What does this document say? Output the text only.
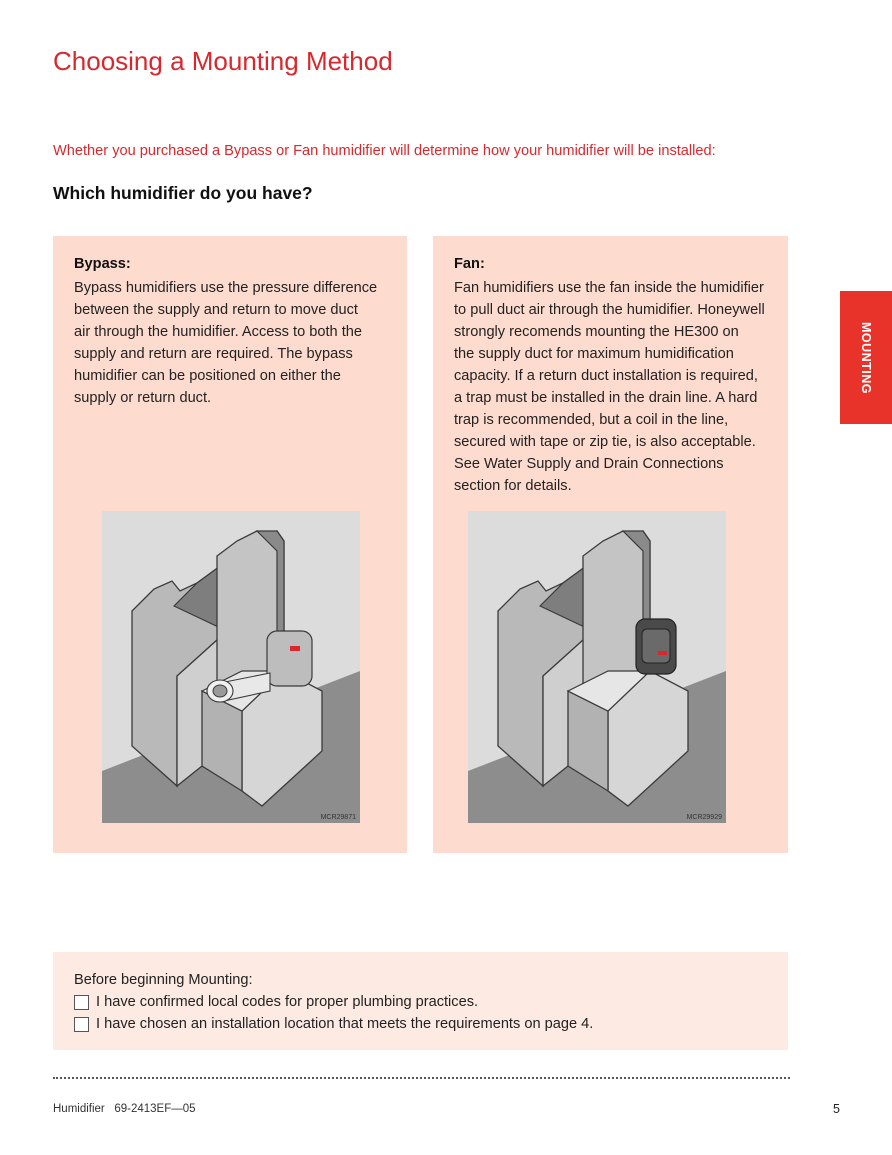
Choosing a Mounting Method

Whether you purchased a Bypass or Fan humidifier will determine how your humidifier will be installed:

Which humidifier do you have?
MOUNTING
Bypass:
Bypass humidifiers use the pressure difference
between the supply and return to move duct
air through the humidifier. Access to both the
supply and return are required. The bypass
humidifier can be positioned on either the
supply or return duct.
MCR29871
Fan:
Fan humidifiers use the fan inside the humidifier
to pull duct air through the humidifier. Honeywell
strongly recomends mounting the HE300 on
the supply duct for maximum humidification
capacity. If a return duct installation is required,
a trap must be installed in the drain line. A hard
trap is recommended, but a coil in the line,
secured with tape or zip tie, is also acceptable.
See Water Supply and Drain Connections
section for details.
MCR29929
Before beginning Mounting:
I have confirmed local codes for proper plumbing practices.
I have chosen an installation location that meets the requirements on page 4.
Humidifier   69-2413EF—05	5
